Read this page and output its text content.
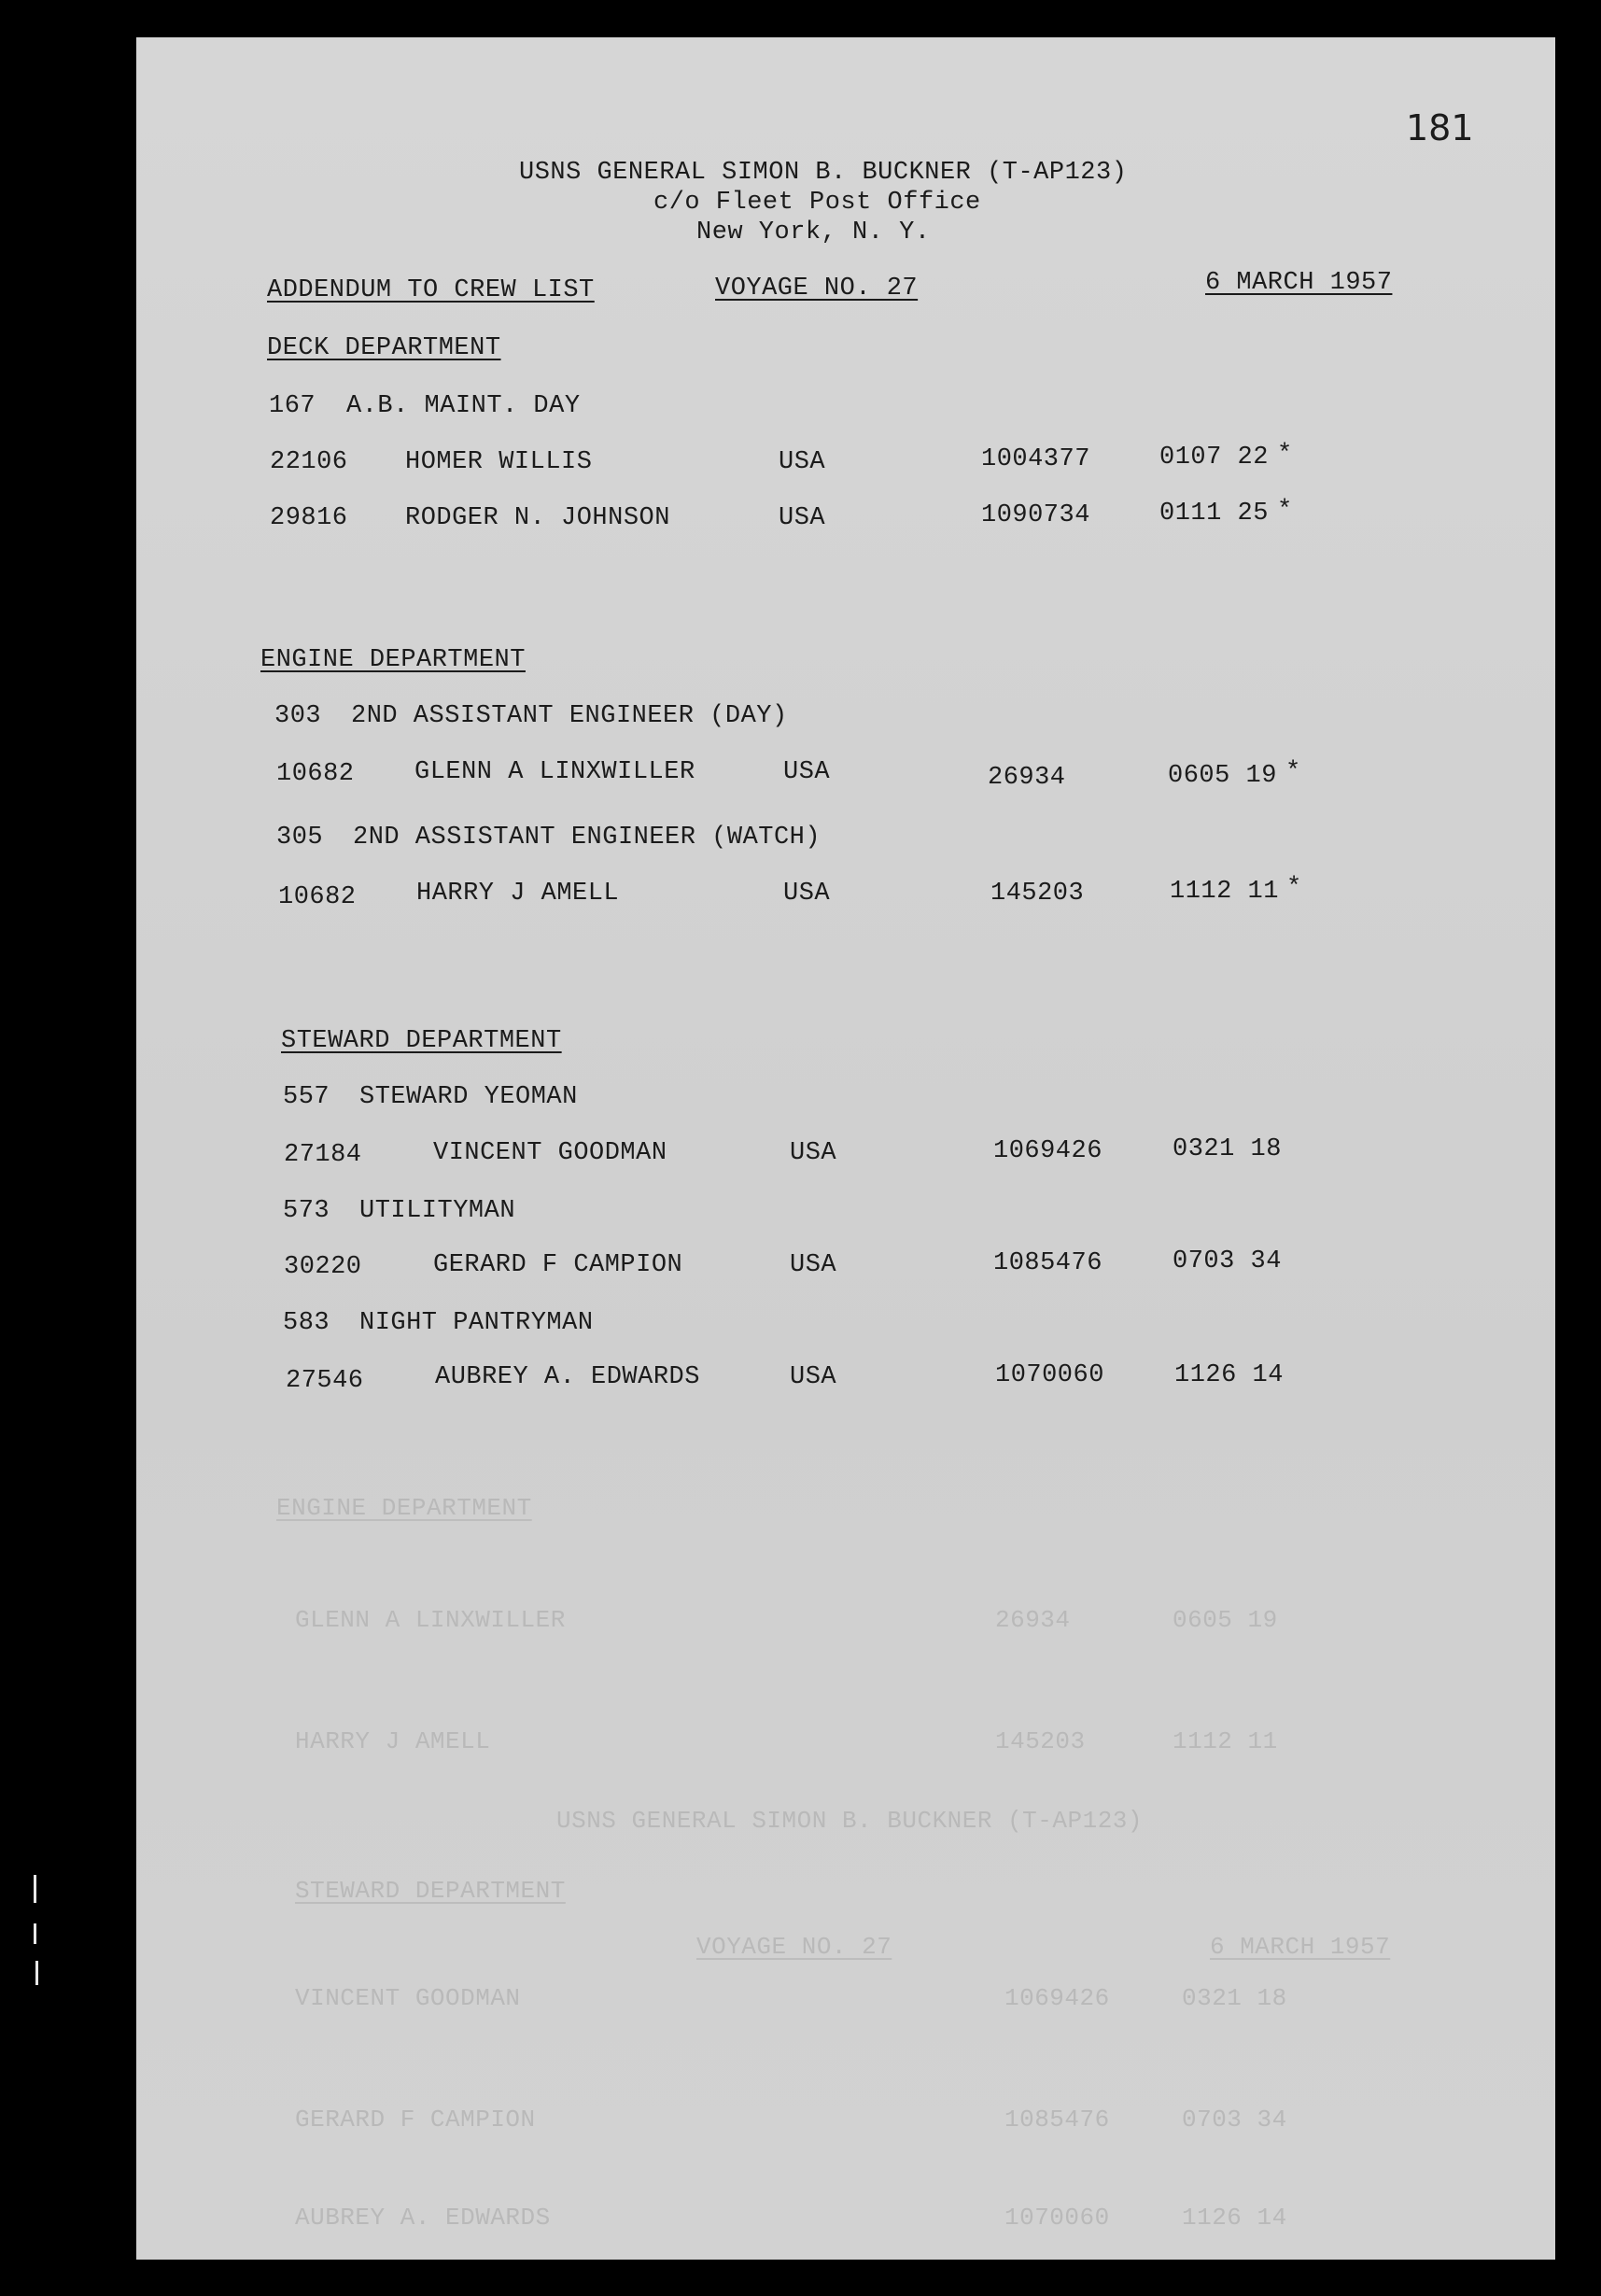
ENGINE DEPARTMENT
GLENN A LINXWILLER	26934	0605 19
HARRY J AMELL	145203	1112 11
USNS GENERAL SIMON B. BUCKNER (T-AP123)
STEWARD DEPARTMENT
VOYAGE NO. 27	6 MARCH 1957
VINCENT GOODMAN	1069426	0321 18
GERARD F CAMPION	1085476	0703 34
AUBREY A. EDWARDS	1070060	1126 14
181
USNS GENERAL SIMON B. BUCKNER (T-AP123)
c/o Fleet Post Office
New York, N. Y.
ADDENDUM TO CREW LIST	VOYAGE NO. 27	6 MARCH 1957
DECK DEPARTMENT
167 A.B. MAINT. DAY
22106 HOMER WILLIS	USA	1004377	0107 22 *
29816 RODGER N. JOHNSON	USA	1090734	0111 25 *
ENGINE DEPARTMENT
303 2ND ASSISTANT ENGINEER (DAY)
10682 GLENN A LINXWILLER	USA	26934	0605 19 *
305 2ND ASSISTANT ENGINEER (WATCH)
10682 HARRY J AMELL	USA	145203	1112 11 *
STEWARD DEPARTMENT
557 STEWARD YEOMAN
27184	VINCENT GOODMAN	USA	1069426	0321 18
573 UTILITYMAN
30220	GERARD F CAMPION	USA	1085476	0703 34
583 NIGHT PANTRYMAN
27546	AUBREY A. EDWARDS	USA	1070060	1126 14
